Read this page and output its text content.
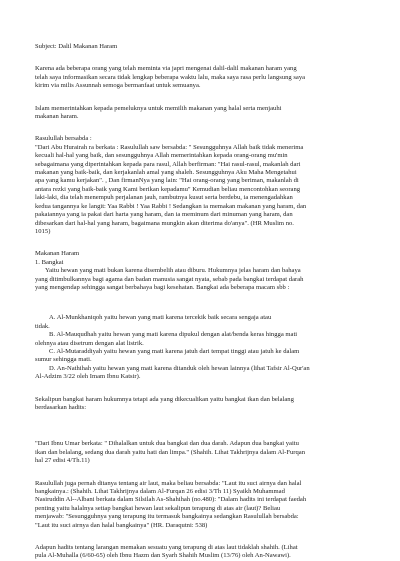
Subject: Dalil Makanan Haram

Karena ada beberapa orang yang telah meminta via japri mengenai dalil-dalil makanan haram yang

telah saya informasikan secara tidak lengkap beberapa waktu lalu, maka saya rasa perlu langsung saya

kirim via milis Assunnah semoga bermanfaat untuk semuanya.

Islam memerintahkan kepada pemeluknya untuk memilih makanan yang halal serta menjauhi

makanan haram.

Rasulullah bersabda :

"Dari Abu Hurairah ra berkata : Rasulullah saw bersabda: " Sesungguhnya Allah baik tidak menerima

kecuali hal-hal yang baik, dan sesungguhnya Allah memerintahkan kepada orang-orang mu'min

sebagaimana yang diperintahkan kepada para rasul, Allah berfirman: "Hai rasul-rasul, makanlah dari

makanan yang baik-baik, dan kerjakanlah amal yang shaleh. Sesungguhnya Aku Maha Mengetahui

apa yang kamu kerjakan". , Dan firmanNya yang lain: "Hai orang-orang yang beriman, makanlah di

antara rezki yang baik-baik yang Kami berikan kepadamu" Kemudian beliau mencontohkan seorang

laki-laki, dia telah menempuh perjalanan jauh, rambutnya kusut serta berdebu, ia menengadahkan

kedua tangannya ke langit: Yaa Rabbi ! Yaa Rabbi ! Sedangkan ia memakan makanan yang haram, dan

pakaiannya yang ia pakai dari harta yang haram, dan ia meminum dari minuman yang haram, dan

dibesarkan dari hal-hal yang haram, bagaimana mungkin akan diterima do'anya". (HR Muslim no.

1015)

Makanan Haram

1. Bangkai

Yaitu hewan yang mati bukan karena disembelih atau diburu. Hukumnya jelas haram dan bahaya

yang ditimbulkannya bagi agama dan badan manusia sangat nyata, sebab pada bangkai terdapat darah

yang mengendap sehingga sangat berbahaya bagi kesehatan. Bangkai ada beberapa macam sbb :

A. Al-Munkhaniqoh yaitu hewan yang mati karena tercekik baik secara sengaja atau

tidak.

B. Al-Mauqudhah yaitu hewan yang mati karena dipukul dengan alat/benda keras hingga mati

olehnya atau disetrum dengan alat listrik.

C. Al-Mutaraddiyah yaitu hewan yang mati karena jatuh dari tempat tinggi atau jatuh ke dalam

sumur sehingga mati.

D. An-Nathihah yaitu hewan yang mati karena ditanduk oleh hewan lainnya (lihat Tafsir Al-Qur'an

Al-Adzim 3/22 oleh Imam Ibnu Katsir).

Sekalipun bangkai haram hukumnya tetapi ada yang dikecualikan yaitu bangkai ikan dan belalang

berdasarkan hadits:

"Dari Ibnu Umar berkata: " Dihalalkan untuk dua bangkai dan dua darah. Adapun dua bangkai yaitu

ikan dan belalang, sedang dua darah yaitu hati dan limpa." (Shahih. Lihat Takhrijnya dalam Al-Furqan

hal 27 edisi 4/Th.11)

Rasulullah juga pernah ditanya tentang air laut, maka beliau bersabda: "Laut itu suci airnya dan halal

bangkainya.: (Shahih. Lihat Takhrijnya dalam Al-Furqan 26 edisi 3/Th 11) Syaikh Muhammad

Nasiruddin Al--Albani berkata dalam Silsilah As-Shahihah (no.480): "Dalam hadits ini terdapat faedah

penting yaitu halalnya setiap bangkai hewan laut sekalipun terapung di atas air (laut)? Beliau

menjawab: "Sesungguhnya yang terapung itu termasuk bangkainya sedangkan Rasulullah bersabda:

"Laut itu suci airnya dan halal bangkainya" (HR. Daraqutni: 538)

Adapun hadits tentang larangan memakan sesuatu yang terapung di atas laut tidaklah shahih. (Lihat

pula Al-Muhalla (6/60-65) oleh Ibnu Hazm dan Syarh Shahih Muslim (13/76) oleh An-Nawawi).
